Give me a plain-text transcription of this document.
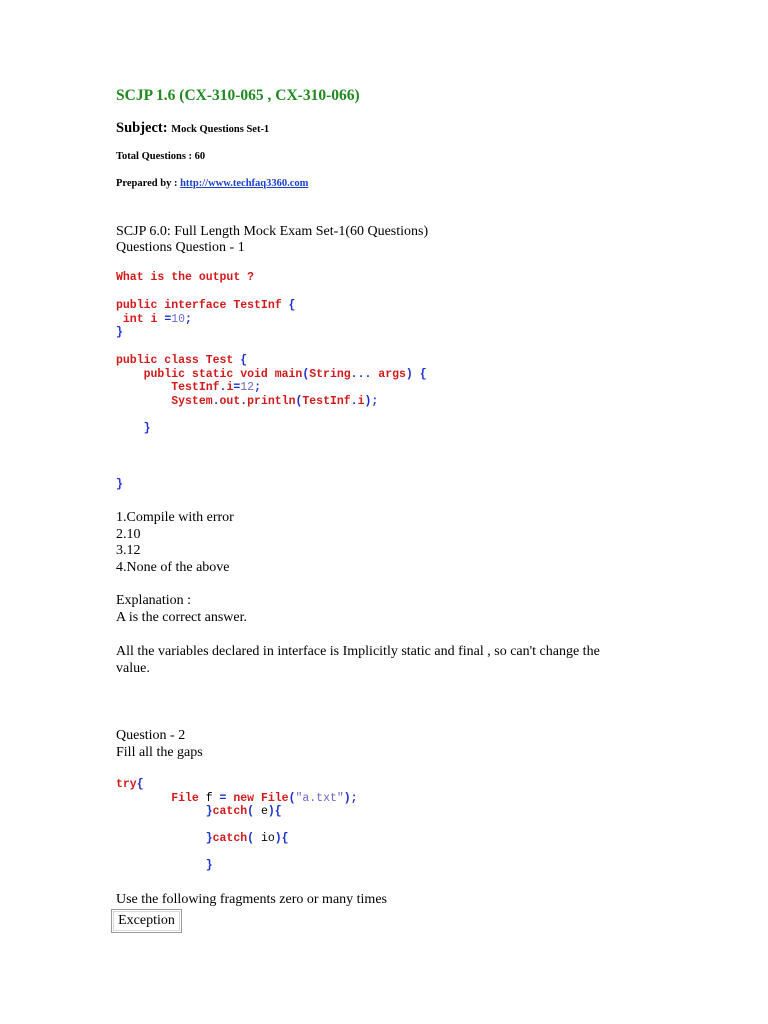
SCJP 1.6 (CX-310-065 , CX-310-066)
Subject: Mock Questions Set-1
Total Questions : 60
Prepared by : http://www.techfaq3360.com
SCJP 6.0: Full Length Mock Exam Set-1(60 Questions)
Questions Question - 1
What is the output ?
public interface TestInf {
int i =10;
}
public class Test {
public static void main(String... args) {
TestInf.i=12;
System.out.println(TestInf.i);

}
}
1.Compile with error
2.10
3.12
4.None of the above
Explanation :
A is the correct answer.
All the variables declared in interface is Implicitly static and final , so can't change the
value.
Question - 2
Fill all the gaps
try{
File f = new File("a.txt");
}catch( e){

}catch( io){

}
Use the following fragments zero or many times
Exception
